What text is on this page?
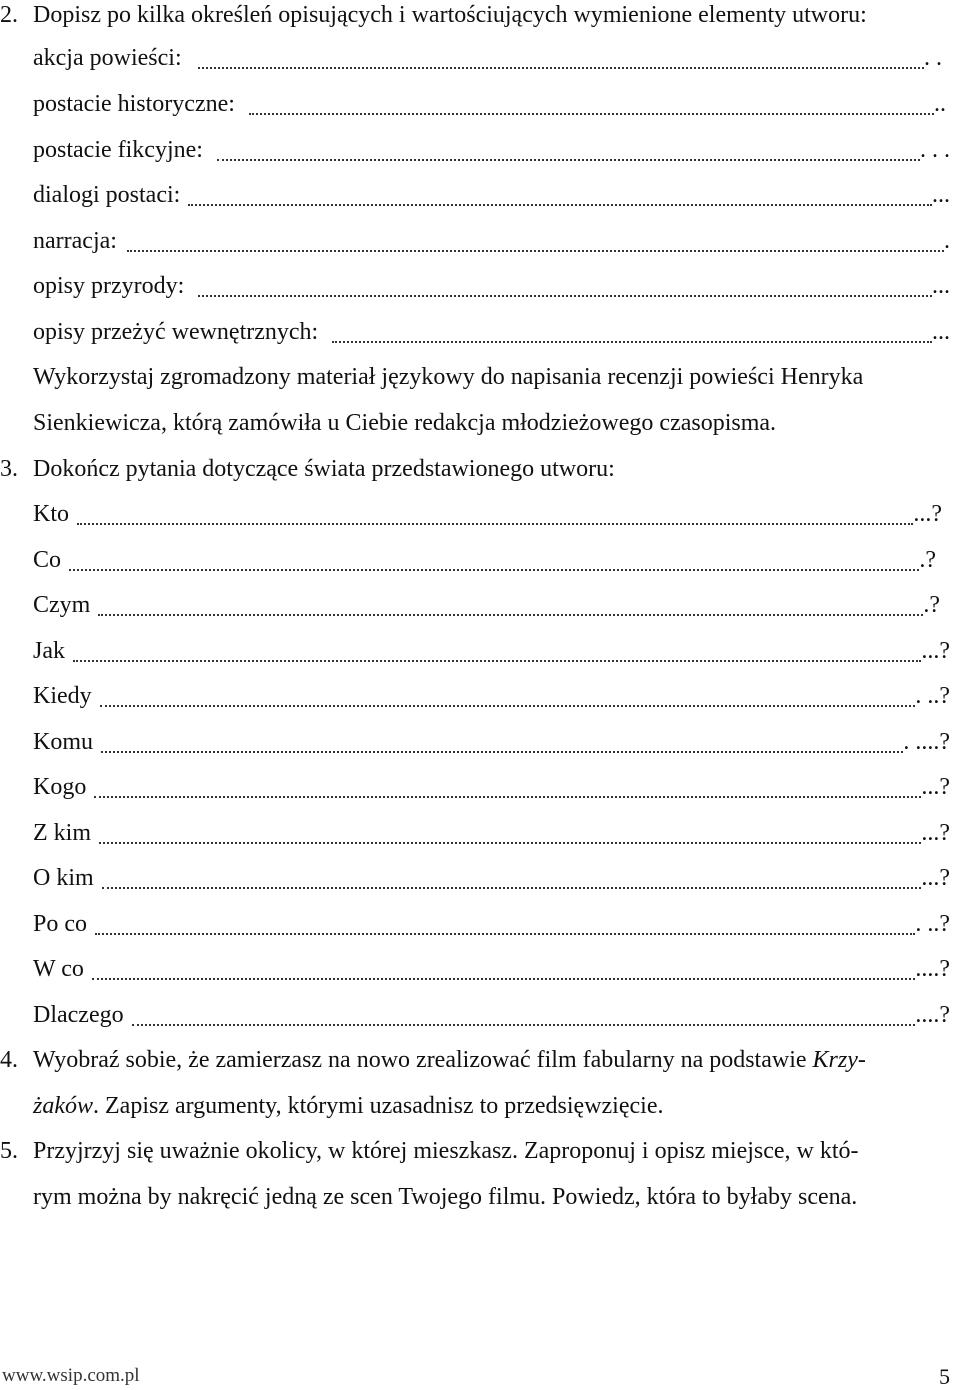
2. Dopisz po kilka określeń opisujących i wartościujących wymienione elementy utworu:
akcja powieści:	. .
postacie historyczne:	..
postacie fikcyjne:	. . .
dialogi postaci:	...
narracja:	.
opisy przyrody:	...
opisy przeżyć wewnętrznych:	...
Wykorzystaj zgromadzony materiał językowy do napisania recenzji powieści Henryka
Sienkiewicza, którą zamówiła u Ciebie redakcja młodzieżowego czasopisma.
3. Dokończ pytania dotyczące świata przedstawionego utworu:
Kto	...?
Co	.?
Czym	.?
Jak	...?
Kiedy	. ..?
Komu	. ....?
Kogo	...?
Z kim	...?
O kim	...?
Po co	. ..?
W co	....?
Dlaczego	....?
4. Wyobraź sobie, że zamierzasz na nowo zrealizować film fabularny na podstawie Krzy-
żaków. Zapisz argumenty, którymi uzasadnisz to przedsięwzięcie.
5. Przyjrzyj się uważnie okolicy, w której mieszkasz. Zaproponuj i opisz miejsce, w któ-
rym można by nakręcić jedną ze scen Twojego filmu. Powiedz, która to byłaby scena.
www.wsip.com.pl	5
